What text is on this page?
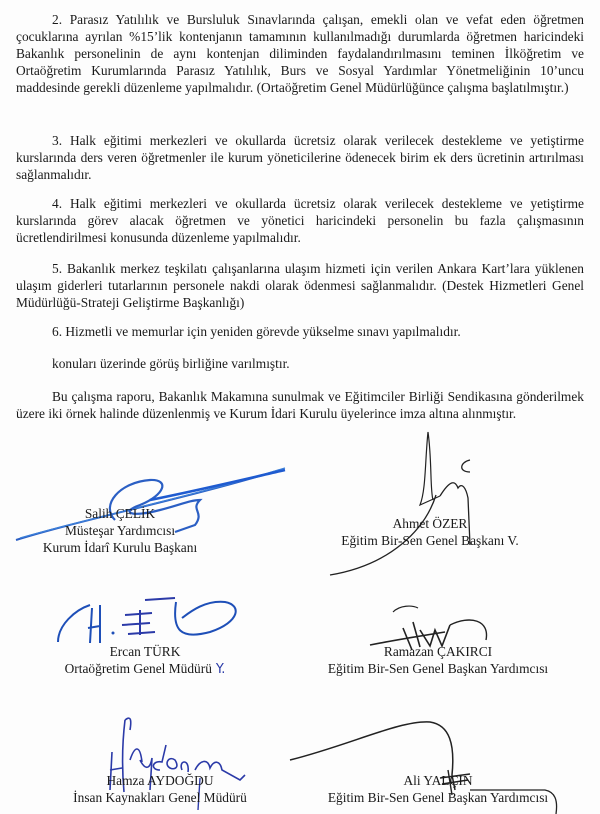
2. Parasız Yatılılık ve Bursluluk Sınavlarında çalışan, emekli olan ve vefat eden öğretmen çocuklarına ayrılan %15’lik kontenjanın tamamının kullanılmadığı durumlarda öğretmen haricindeki Bakanlık personelinin de aynı kontenjan diliminden faydalandırılmasını teminen İlköğretim ve Ortaöğretim Kurumlarında Parasız Yatılılık, Burs ve Sosyal Yardımlar Yönetmeliğinin 10’uncu maddesinde gerekli düzenleme yapılmalıdır. (Ortaöğretim Genel Müdürlüğünce çalışma başlatılmıştır.)

3. Halk eğitimi merkezleri ve okullarda ücretsiz olarak verilecek destekleme ve yetiştirme kurslarında ders veren öğretmenler ile kurum yöneticilerine ödenecek birim ek ders ücretinin artırılması sağlanmalıdır.

4. Halk eğitimi merkezleri ve okullarda ücretsiz olarak verilecek destekleme ve yetiştirme kurslarında görev alacak öğretmen ve yönetici haricindeki personelin bu fazla çalışmasının ücretlendirilmesi konusunda düzenleme yapılmalıdır.

5. Bakanlık merkez teşkilatı çalışanlarına ulaşım hizmeti için verilen Ankara Kart’lara yüklenen ulaşım giderleri tutarlarının personele nakdi olarak ödenmesi sağlanmalıdır. (Destek Hizmetleri Genel Müdürlüğü-Strateji Geliştirme Başkanlığı)

6. Hizmetli ve memurlar için yeniden görevde yükselme sınavı yapılmalıdır.

konuları üzerinde görüş birliğine varılmıştır.

Bu çalışma raporu, Bakanlık Makamına sunulmak ve Eğitimciler Birliği Sendikasına gönderilmek üzere iki örnek halinde düzenlenmiş ve Kurum İdari Kurulu üyelerince imza altına alınmıştır.

Salih ÇELİK
Müsteşar Yardımcısı
Kurum İdarî Kurulu Başkanı
Ahmet ÖZER
Eğitim Bir-Sen Genel Başkanı V.
Ercan TÜRK
Ortaöğretim Genel Müdürü Y.
Ramazan ÇAKIRCI
Eğitim Bir-Sen Genel Başkan Yardımcısı
Hamza AYDOĞDU
İnsan Kaynakları Genel Müdürü
Ali YALÇIN
Eğitim Bir-Sen Genel Başkan Yardımcısı
